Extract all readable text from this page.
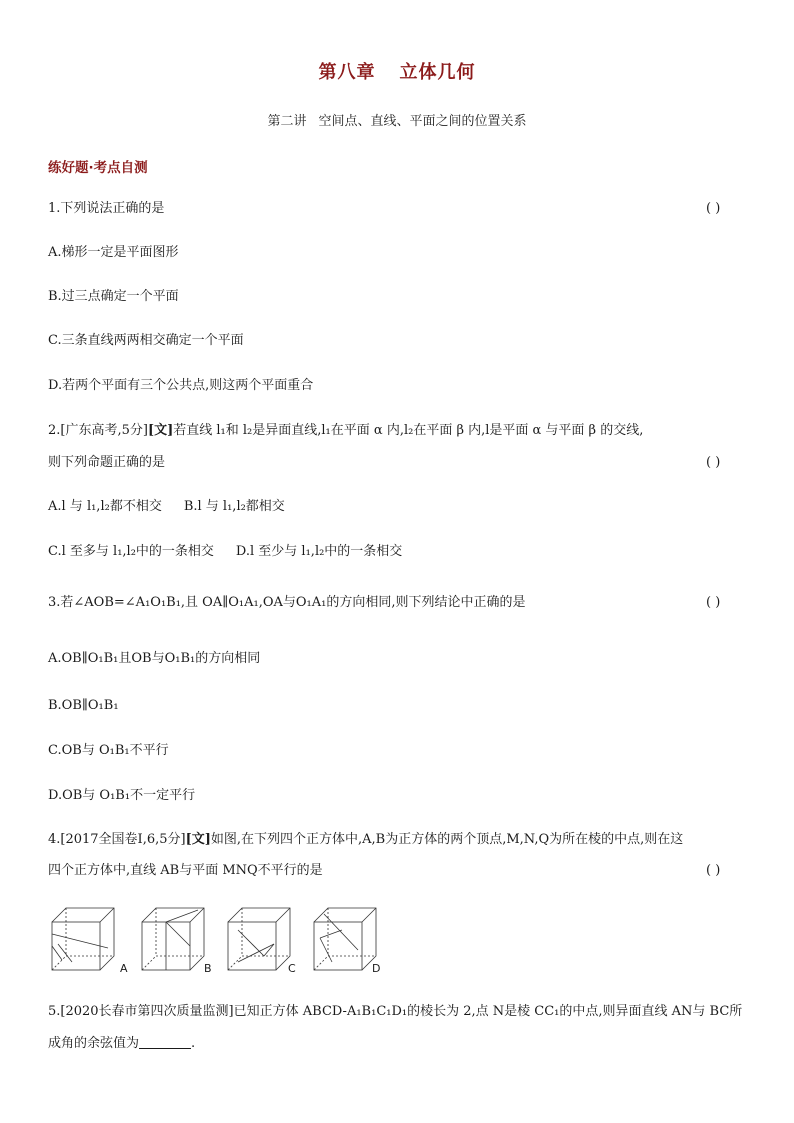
第八章 立体几何
第二讲 空间点、直线、平面之间的位置关系
练好题·考点自测
1.下列说法正确的是	( )
A.梯形一定是平面图形
B.过三点确定一个平面
C.三条直线两两相交确定一个平面
D.若两个平面有三个公共点,则这两个平面重合
2.[广东高考,5分][文]若直线 l₁和 l₂是异面直线,l₁在平面 α 内,l₂在平面 β 内,l是平面 α 与平面 β 的交线,
则下列命题正确的是	( )
A.l 与 l₁,l₂都不相交 B.l 与 l₁,l₂都相交
C.l 至多与 l₁,l₂中的一条相交 D.l 至少与 l₁,l₂中的一条相交
3.若∠AOB=∠A₁O₁B₁,且 OA∥O₁A₁,OA与O₁A₁的方向相同,则下列结论中正确的是	( )
A.OB∥O₁B₁且OB与O₁B₁的方向相同
B.OB∥O₁B₁
C.OB与 O₁B₁不平行
D.OB与 O₁B₁不一定平行
4.[2017全国卷Ⅰ,6,5分][文]如图,在下列四个正方体中,A,B为正方体的两个顶点,M,N,Q为所在棱的中点,则在这
四个正方体中,直线 AB与平面 MNQ不平行的是	( )
A	B	C	D
5.[2020长春市第四次质量监测]已知正方体 ABCD-A₁B₁C₁D₁的棱长为 2,点 N是棱 CC₁的中点,则异面直线 AN与 BC所
成角的余弦值为	.
